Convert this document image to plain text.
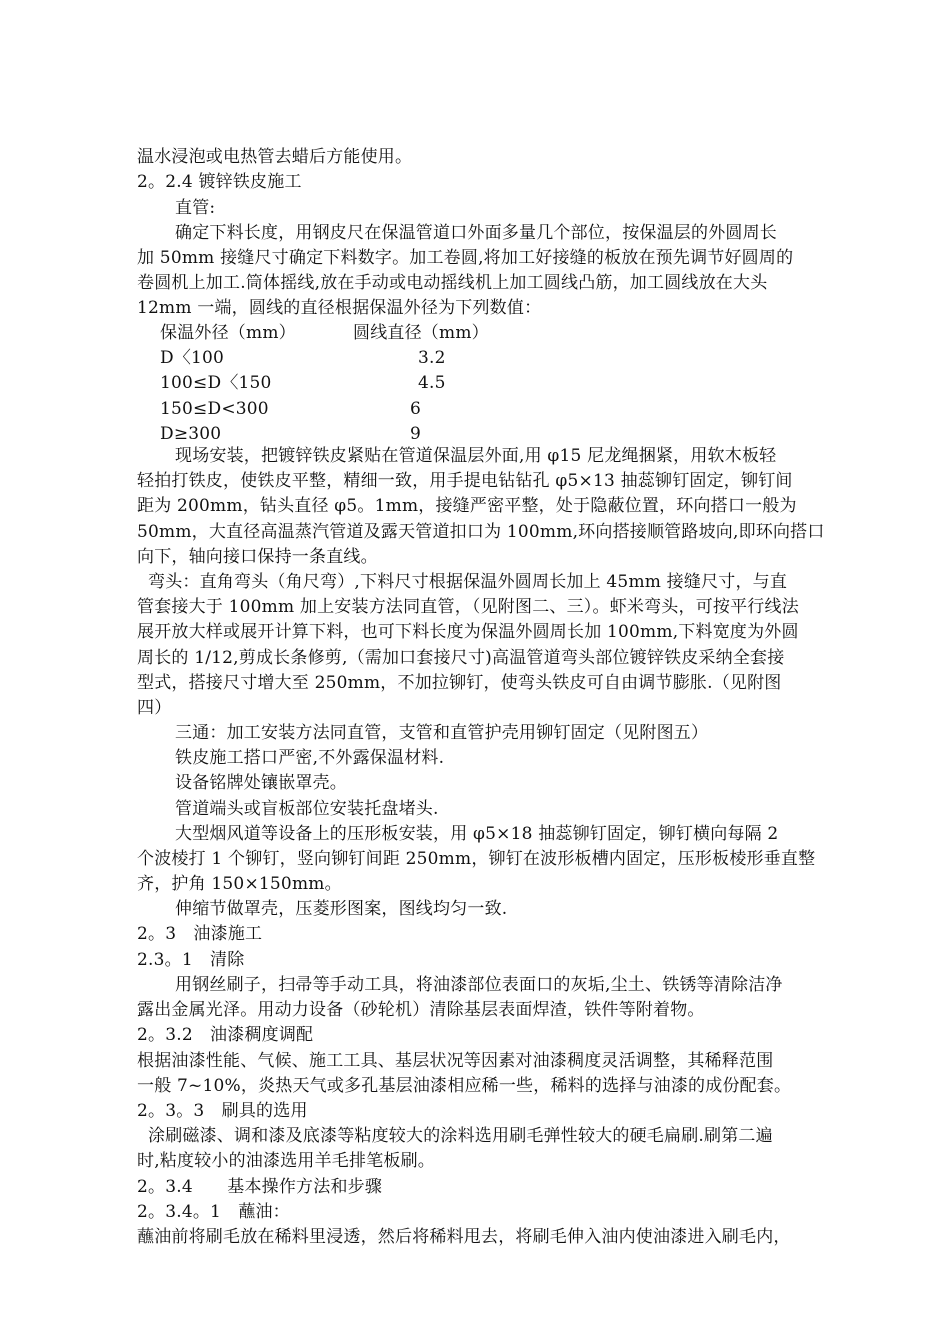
温水浸泡或电热管去蜡后方能使用。
2。2.4 镀锌铁皮施工
直管:
确定下料长度，用钢皮尺在保温管道口外面多量几个部位，按保温层的外圆周长
加 50mm 接缝尺寸确定下料数字。加工卷圆,将加工好接缝的板放在预先调节好圆周的
卷圆机上加工.筒体摇线,放在手动或电动摇线机上加工圆线凸筋，加工圆线放在大头
12mm 一端，圆线的直径根据保温外径为下列数值：
现场安装，把镀锌铁皮紧贴在管道保温层外面,用 φ15 尼龙绳捆紧，用软木板轻
轻拍打铁皮，使铁皮平整，精细一致，用手提电钻钻孔 φ5×13 抽蕊铆钉固定，铆钉间
距为 200mm，钻头直径 φ5。1mm，接缝严密平整，处于隐蔽位置，环向搭口一般为
50mm，大直径高温蒸汽管道及露天管道扣口为 100mm,环向搭接顺管路坡向,即环向搭口
向下，轴向接口保持一条直线。
弯头：直角弯头（角尺弯）,下料尺寸根据保温外圆周长加上 45mm 接缝尺寸，与直
管套接大于 100mm 加上安装方法同直管，（见附图二、三）。虾米弯头，可按平行线法
展开放大样或展开计算下料，也可下料长度为保温外圆周长加 100mm,下料宽度为外圆
周长的 1/12,剪成长条修剪,（需加口套接尺寸)高温管道弯头部位镀锌铁皮采纳全套接
型式，搭接尺寸增大至 250mm，不加拉铆钉，使弯头铁皮可自由调节膨胀.（见附图
四）
三通：加工安装方法同直管，支管和直管护壳用铆钉固定（见附图五）
铁皮施工搭口严密,不外露保温材料.
设备铭牌处镶嵌罩壳。
管道端头或盲板部位安装托盘堵头.
大型烟风道等设备上的压形板安装，用 φ5×18 抽蕊铆钉固定，铆钉横向每隔 2
个波棱打 1 个铆钉，竖向铆钉间距 250mm，铆钉在波形板槽内固定，压形板棱形垂直整
齐，护角 150×150mm。
伸缩节做罩壳，压菱形图案，图线均匀一致.
2。3　油漆施工
2.3。1　清除
用钢丝刷子，扫帚等手动工具，将油漆部位表面口的灰垢,尘土、铁锈等清除洁净
露出金属光泽。用动力设备（砂轮机）清除基层表面焊渣，铁件等附着物。
2。3.2　油漆稠度调配
根据油漆性能、气候、施工工具、基层状况等因素对油漆稠度灵活调整，其稀释范围
一般 7~10%，炎热天气或多孔基层油漆相应稀一些，稀料的选择与油漆的成份配套。
2。3。3　刷具的选用
涂刷磁漆、调和漆及底漆等粘度较大的涂料选用刷毛弹性较大的硬毛扁刷.刷第二遍
时,粘度较小的油漆选用羊毛排笔板刷。
2。3.4　　基本操作方法和步骤
2。3.4。1　蘸油：
蘸油前将刷毛放在稀料里浸透，然后将稀料甩去，将刷毛伸入油内使油漆进入刷毛内，
保温外径（mm）	圆线直径（mm）
D〈100	3.2
100≤D〈150	4.5
150≤D<300	6
D≥300	9
